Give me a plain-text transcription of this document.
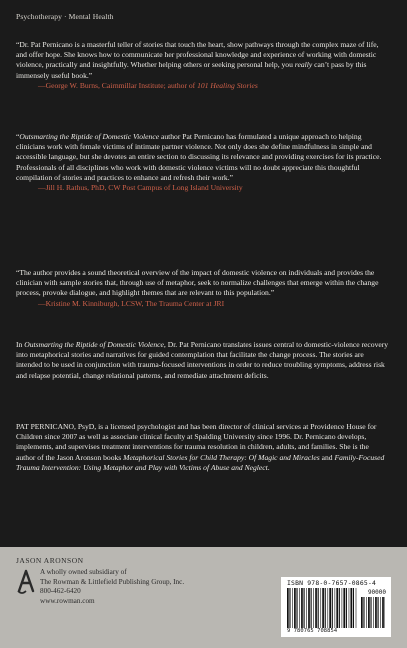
Psychotherapy · Mental Health
“Dr. Pat Pernicano is a masterful teller of stories that touch the heart, show pathways through the complex maze of life, and offer hope. She knows how to communicate her professional knowledge and experience of working with domestic violence, practically and insightfully. Whether helping others or seeking personal help, you really can’t pass by this immensely useful book.”
—George W. Burns, Cairnmillar Institute; author of 101 Healing Stories
“Outsmarting the Riptide of Domestic Violence author Pat Pernicano has formulated a unique approach to helping clinicians work with female victims of intimate partner violence. Not only does she define mindfulness in simple and accessible language, but she devotes an entire section to discussing its relevance and providing exercises for its practice. Professionals of all disciplines who work with domestic violence victims will no doubt appreciate this thoughtful compilation of stories and practices to enhance and refresh their work.”
—Jill H. Rathus, PhD, CW Post Campus of Long Island University
“The author provides a sound theoretical overview of the impact of domestic violence on individuals and provides the clinician with sample stories that, through use of metaphor, seek to normalize challenges that emerge within the change process, provoke dialogue, and highlight themes that are relevant to this population.”
—Kristine M. Kinniburgh, LCSW, The Trauma Center at JRI
In Outsmarting the Riptide of Domestic Violence, Dr. Pat Pernicano translates issues central to domestic-violence recovery into metaphorical stories and narratives for guided contemplation that facilitate the change process. The stories are intended to be used in conjunction with trauma-focused interventions in order to reduce troubling symptoms, address risk and relapse potential, change relational patterns, and remediate attachment deficits.
PAT PERNICANO, PsyD, is a licensed psychologist and has been director of clinical services at Providence House for Children since 2007 as well as associate clinical faculty at Spalding University since 1996. Dr. Pernicano develops, implements, and supervises treatment interventions for trauma resolution in children, adults, and families. She is the author of the Jason Aronson books Metaphorical Stories for Child Therapy: Of Magic and Miracles and Family-Focused Trauma Intervention: Using Metaphor and Play with Victims of Abuse and Neglect.
JASON ARONSON
A wholly owned subsidiary of
The Rowman & Littlefield Publishing Group, Inc.
800-462-6420
www.rowman.com
ISBN 978-0-7657-0865-4
90000
9 780765 708854
